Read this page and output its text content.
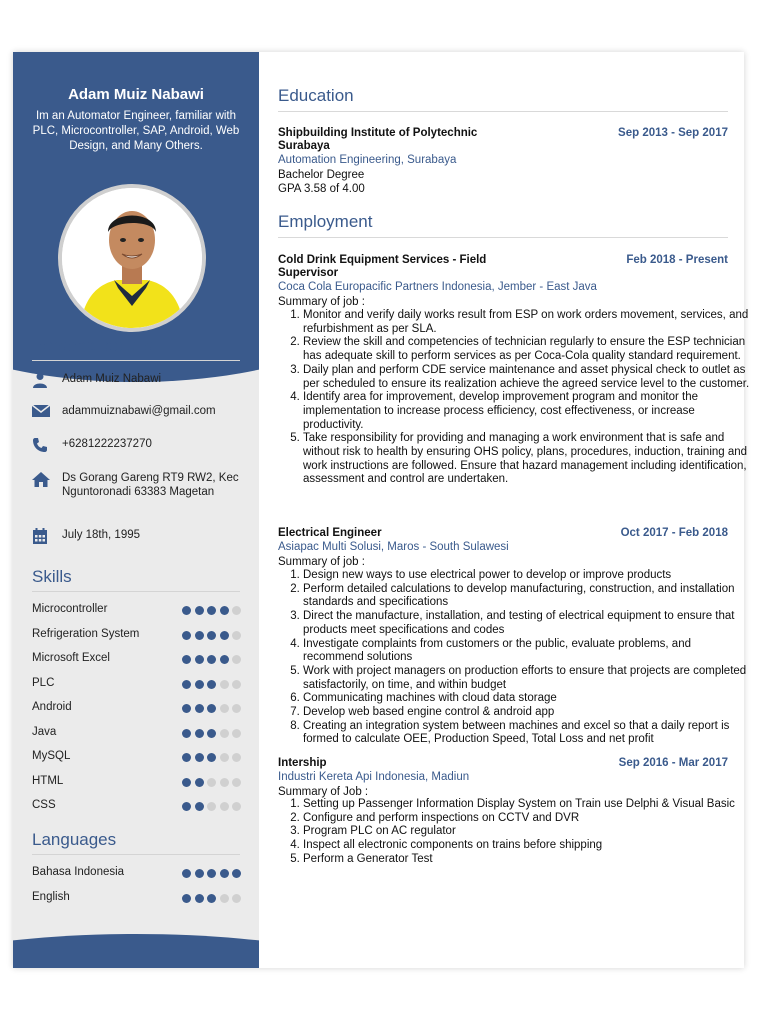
Adam Muiz Nabawi
Im an Automator Engineer, familiar with PLC, Microcontroller, SAP, Android, Web Design, and Many Others.
Personal details
Adam Muiz Nabawi
adammuiznabawi@gmail.com
+6281222237270
Ds Gorang Gareng RT9 RW2, Kec Nguntoronadi 63383 Magetan
July 18th, 1995
Skills
Microcontroller
Refrigeration System
Microsoft Excel
PLC
Android
Java
MySQL
HTML
CSS
Languages
Bahasa Indonesia
English
Education
Shipbuilding Institute of Polytechnic Surabaya
Sep 2013 - Sep 2017
Automation Engineering, Surabaya
Bachelor Degree
GPA 3.58 of 4.00
Employment
Cold Drink Equipment Services - Field Supervisor
Feb 2018 - Present
Coca Cola Europacific Partners Indonesia, Jember - East Java
Summary of job :
1. Monitor and verify daily works result from ESP on work orders movement, services, and refurbishment as per SLA.
2. Review the skill and competencies of technician regularly to ensure the ESP technician has adequate skill to perform services as per Coca-Cola quality standard requirement.
3. Daily plan and perform CDE service maintenance and asset physical check to outlet as per scheduled to ensure its realization achieve the agreed service level to the customer.
4. Identify area for improvement, develop improvement program and monitor the implementation to increase process efficiency, cost effectiveness, or increase productivity.
5. Take responsibility for providing and managing a work environment that is safe and without risk to health by ensuring OHS policy, plans, procedures, induction, training and work instructions are followed. Ensure that hazard management including identification, assessment and control are undertaken.
Electrical Engineer	Oct 2017 - Feb 2018
Asiapac Multi Solusi, Maros - South Sulawesi
Summary of job :
1. Design new ways to use electrical power to develop or improve products
2. Perform detailed calculations to develop manufacturing, construction, and installation standards and specifications
3. Direct the manufacture, installation, and testing of electrical equipment to ensure that products meet specifications and codes
4. Investigate complaints from customers or the public, evaluate problems, and recommend solutions
5. Work with project managers on production efforts to ensure that projects are completed satisfactorily, on time, and within budget
6. Communicating machines with cloud data storage
7. Develop web based engine control & android app
8. Creating an integration system between machines and excel so that a daily report is formed to calculate OEE, Production Speed, Total Loss and net profit
Intership	Sep 2016 - Mar 2017
Industri Kereta Api Indonesia, Madiun
Summary of Job :
1. Setting up Passenger Information Display System on Train use Delphi & Visual Basic
2. Configure and perform inspections on CCTV and DVR
3. Program PLC on AC regulator
4. Inspect all electronic components on trains before shipping
5. Perform a Generator Test
